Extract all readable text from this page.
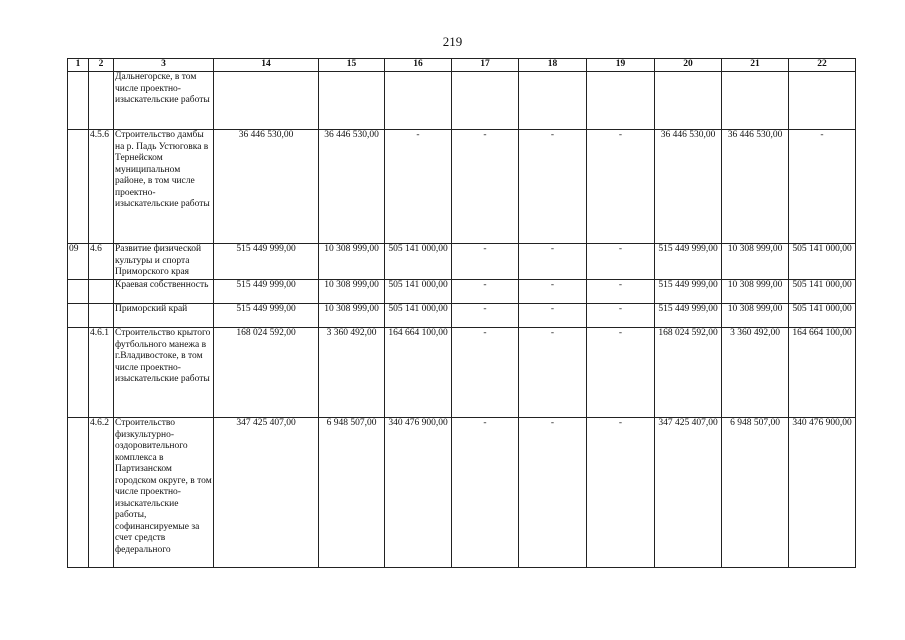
219
1	2	3	14	15	16	17	18	19	20	21	22
		Дальнегорске, в том числе проектно-изыскательские работы									
	4.5.6	Строительство дамбы на р. Падь Устюговка в Тернейском муниципальном районе, в том числе проектно-изыскательские работы	36 446 530,00	36 446 530,00	-	-	-	-	36 446 530,00	36 446 530,00	-
09	4.6	Развитие физической культуры и спорта Приморского края	515 449 999,00	10 308 999,00	505 141 000,00	-	-	-	515 449 999,00	10 308 999,00	505 141 000,00
		Краевая собственность	515 449 999,00	10 308 999,00	505 141 000,00	-	-	-	515 449 999,00	10 308 999,00	505 141 000,00
		Приморский край	515 449 999,00	10 308 999,00	505 141 000,00	-	-	-	515 449 999,00	10 308 999,00	505 141 000,00
	4.6.1	Строительство крытого футбольного манежа в г.Владивостоке, в том числе проектно-изыскательские работы	168 024 592,00	3 360 492,00	164 664 100,00	-	-	-	168 024 592,00	3 360 492,00	164 664 100,00
	4.6.2	Строительство физкультурно-оздоровительного комплекса в Партизанском городском округе, в том числе проектно-изыскательские работы, софинансируемые за счет средств федерального	347 425 407,00	6 948 507,00	340 476 900,00	-	-	-	347 425 407,00	6 948 507,00	340 476 900,00
